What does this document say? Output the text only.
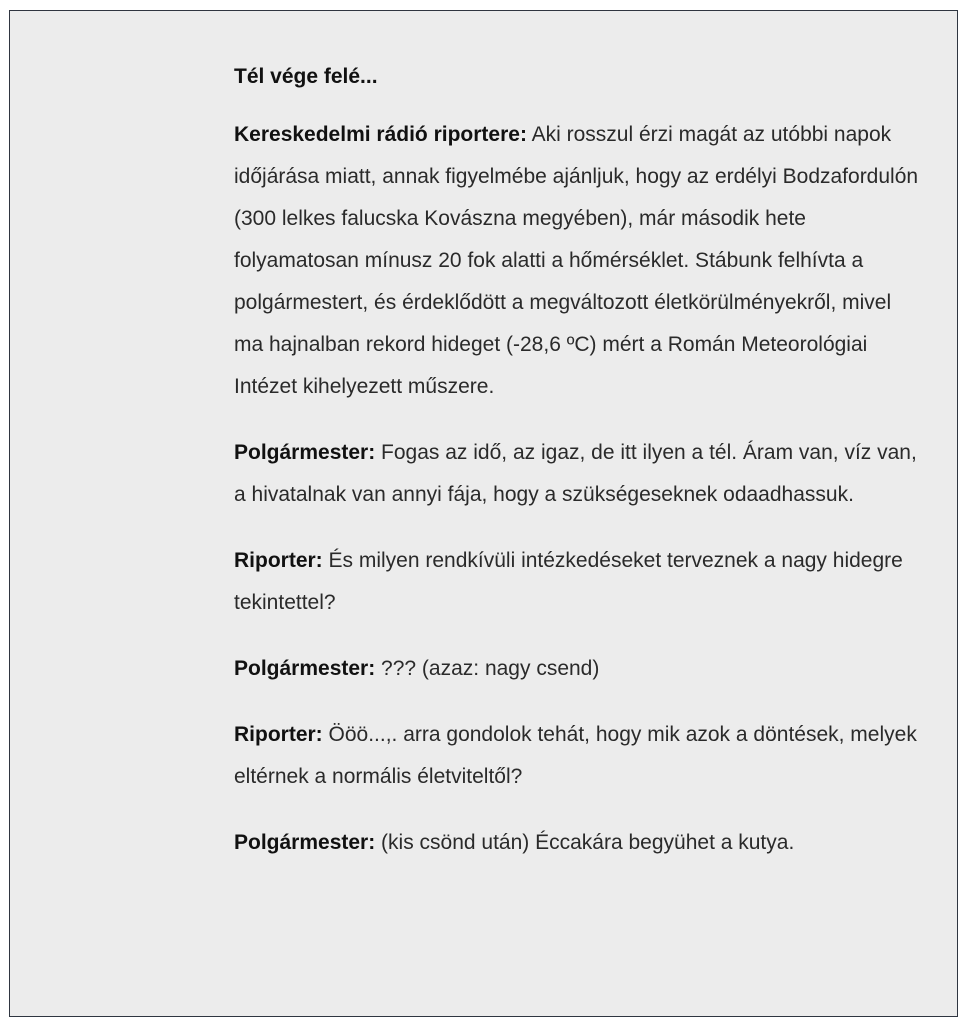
Tél vége felé...

Kereskedelmi rádió riportere: Aki rosszul érzi magát az utóbbi napok időjárása miatt, annak figyelmébe ajánljuk, hogy az erdélyi Bodzafordulón (300 lelkes falucska Kovászna megyében), már második hete folyamatosan mínusz 20 fok alatti a hőmérséklet. Stábunk felhívta a polgármestert, és érdeklődött a megváltozott életkörülményekről, mivel ma hajnalban rekord hideget (-28,6 ºC) mért a Román Meteorológiai Intézet kihelyezett műszere.

Polgármester: Fogas az idő, az igaz, de itt ilyen a tél. Áram van, víz van, a hivatalnak van annyi fája, hogy a szükségeseknek odaadhassuk.

Riporter: És milyen rendkívüli intézkedéseket terveznek a nagy hidegre tekintettel?

Polgármester: ??? (azaz: nagy csend)

Riporter: Ööö...,. arra gondolok tehát, hogy mik azok a döntések, melyek eltérnek a normális életviteltől?

Polgármester: (kis csönd után) Éccakára begyühet a kutya.
